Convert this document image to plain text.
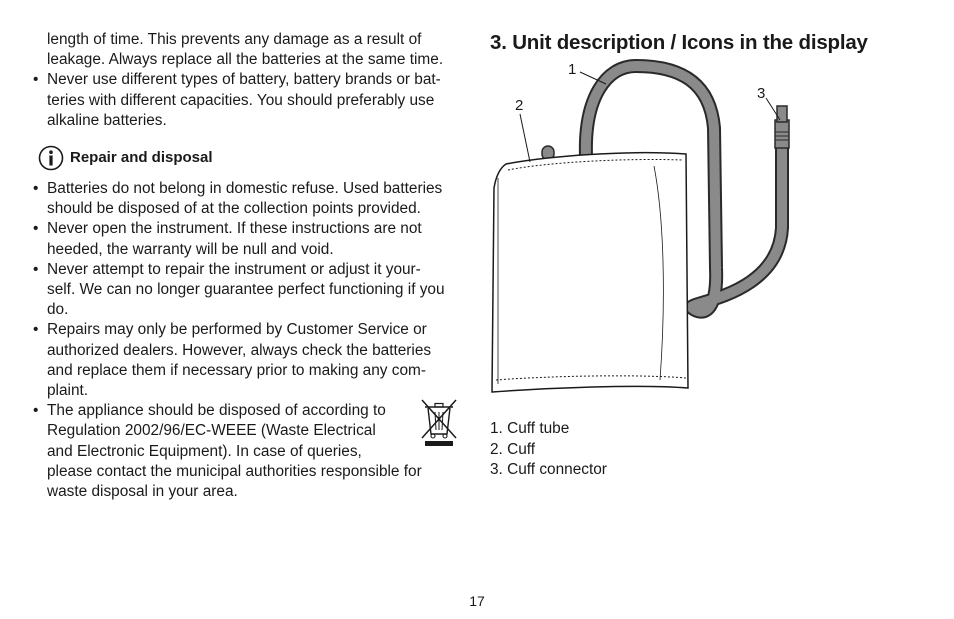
length of time. This prevents any damage as a result of
leakage. Always replace all the batteries at the same time.

• Never use different types of battery, battery brands or bat-
teries with different capacities. You should preferably use
alkaline batteries.
Repair and disposal
• Batteries do not belong in domestic refuse. Used batteries
should be disposed of at the collection points provided.
• Never open the instrument. If these instructions are not
heeded, the warranty will be null and void.
• Never attempt to repair the instrument or adjust it your-
self. We can no longer guarantee perfect functioning if you
do.
• Repairs may only be performed by Customer Service or
authorized dealers. However, always check the batteries
and replace them if necessary prior to making any com-
plaint.
• The appliance should be disposed of according to
Regulation 2002/96/EC-WEEE (Waste Electrical
and Electronic Equipment). In case of queries,
please contact the municipal authorities responsible for
waste disposal in your area.
3. Unit description / Icons in the display
1
2
3
1. Cuff tube
2. Cuff
3. Cuff connector
17
